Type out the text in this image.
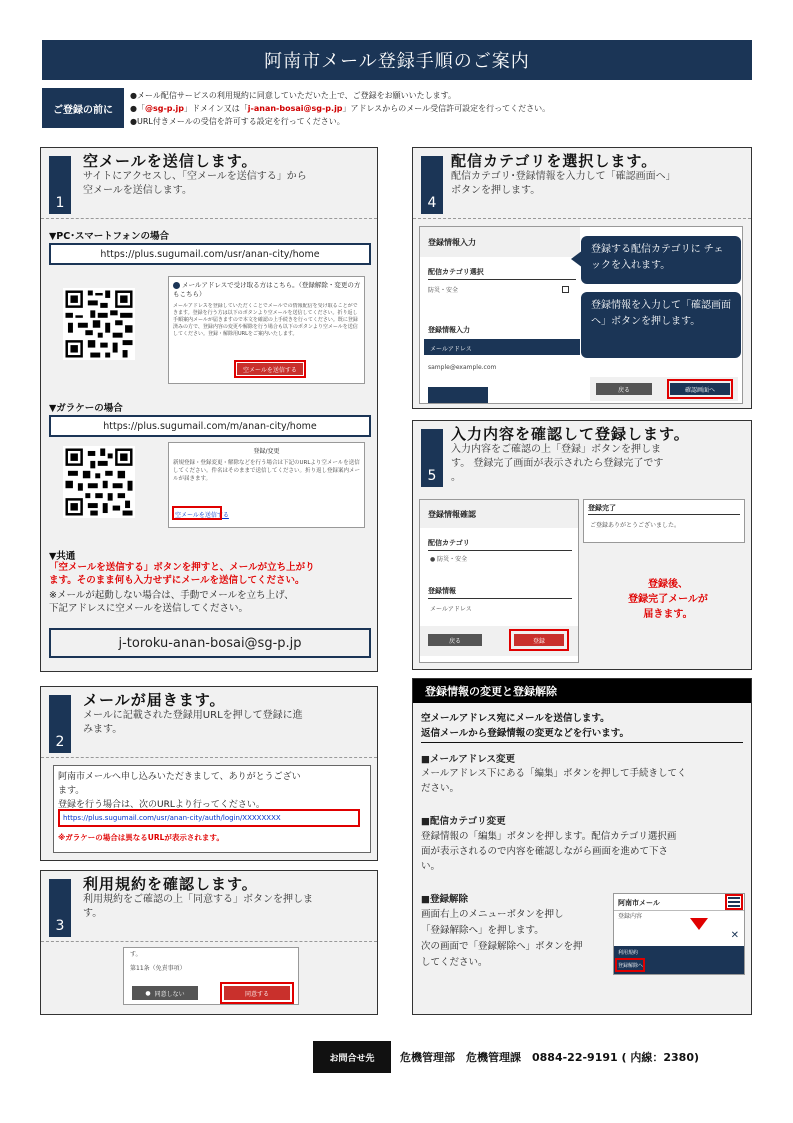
阿南市メール登録手順のご案内
ご登録の前に
●メール配信サービスの利用規約に同意していただいた上で、ご登録をお願いいたします。
●「@sg-p.jp」ドメイン又は「j-anan-bosai@sg-p.jp」アドレスからのメール受信許可設定を行ってください。
●URL付きメールの受信を許可する設定を行ってください。
1
空メールを送信します。
サイトにアクセスし、「空メールを送信する」から
空メールを送信します。
▼PC･スマートフォンの場合
https://plus.sugumail.com/usr/anan-city/home
メールアドレスで受け取る方はこちら。（登録解除・変更の方もこちら）
メールアドレスを登録していただくことでメールでの情報配信を受け取ることができます。登録を行う方は以下のボタンより空メールを送信してください。折り返し手順案内メールが届きますので本文を確認の上手続きを行ってください。既に登録済みの方で、登録内容の変更や解除を行う場合も以下のボタンより空メールを送信してください。登録・解除用URLをご案内いたします。
空メールを送信する
▼ガラケーの場合
https://plus.sugumail.com/m/anan-city/home
登録/変更
新規登録・登録変更・解除などを行う場合は下記のURLより空メールを送信してください。件名はそのままで送信してください。折り返し登録案内メールが届きます。
空メールを送信する
▼共通
「空メールを送信する」ボタンを押すと、メールが立ち上がり
ます。そのまま何も入力せずにメールを送信してください。
※メールが起動しない場合は、手動でメールを立ち上げ、
下記アドレスに空メールを送信してください。
j-toroku-anan-bosai@sg-p.jp
2
メールが届きます。
メールに記載された登録用URLを押して登録に進
みます。
阿南市メールへ申し込みいただきまして、ありがとうござい
ます。
登録を行う場合は、次のURLより行ってください。
https://plus.sugumail.com/usr/anan-city/auth/login/XXXXXXXX
※ガラケーの場合は異なるURLが表示されます。
3
利用規約を確認します。
利用規約をご確認の上「同意する」ボタンを押しま
す。
す。
第11条（免責事項）
● 同意しない	同意する
4
配信カテゴリを選択します。
配信カテゴリ･登録情報を入力して「確認画面へ」
ボタンを押します。
登録情報入力
配信カテゴリ選択
防災・安全
登録情報入力
メールアドレス
sample@example.com
戻る	確認画面へ
登録する配信カテゴリに チェックを入れます。
登録情報を入力して「確認画面へ」ボタンを押します。
5
入力内容を確認して登録します。
入力内容をご確認の上「登録」ボタンを押しま
す。 登録完了画面が表示されたら登録完了です
。
登録情報確認
配信カテゴリ
● 防災・安全
登録情報
メールアドレス
戻る	登録
登録完了
ご登録ありがとうございました。
登録後、
登録完了メールが
届きます。
登録情報の変更と登録解除
空メールアドレス宛にメールを送信します。
返信メールから登録情報の変更などを行います。
■メールアドレス変更
メールアドレス下にある「編集」ボタンを押して手続きしてく
ださい。
■配信カテゴリ変更
登録情報の「編集」ボタンを押します。配信カテゴリ選択画
面が表示されるので内容を確認しながら画面を進めて下さ
い。
■登録解除
画面右上のメニューボタンを押し
「登録解除へ」を押します。
次の画面で「登録解除へ」ボタンを押
してください。
阿南市メール
登録内容
✕
利用規約
登録解除へ
お問合せ先	危機管理部　危機管理課　0884-22-9191 ( 内線：2380)
